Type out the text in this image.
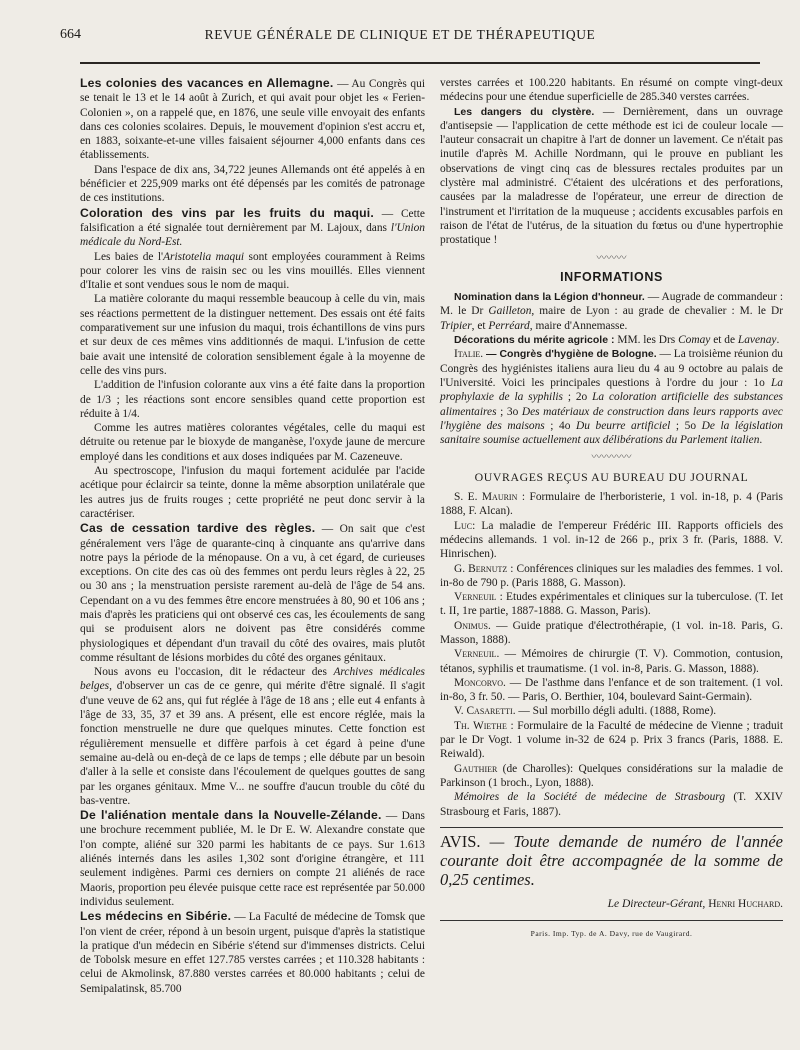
664	REVUE GÉNÉRALE DE CLINIQUE ET DE THÉRAPEUTIQUE

Les colonies des vacances en Allemagne. — Au Congrès qui se tenait le 13 et le 14 août à Zurich, et qui avait pour objet les « Ferien-Colonien », on a rappelé que, en 1876, une seule ville envoyait des enfants dans ces colonies scolaires. Depuis, le mouvement d'opinion s'est accru et, en 1883, soixante-et-une villes faisaient séjourner 4,000 enfants dans ces établissements.

Dans l'espace de dix ans, 34,722 jeunes Allemands ont été appelés à en bénéficier et 225,909 marks ont été dépensés par les comités de patronage de ces institutions.

Coloration des vins par les fruits du maqui. — Cette falsification a été signalée tout dernièrement par M. Lajoux, dans l'Union médicale du Nord-Est.

Les baies de l'Aristotelia maqui sont employées couramment à Reims pour colorer les vins de raisin sec ou les vins mouillés. Elles viennent d'Italie et sont vendues sous le nom de maqui.

La matière colorante du maqui ressemble beaucoup à celle du vin, mais ses réactions permettent de la distinguer nettement. Des essais ont été faits comparativement sur une infusion du maqui, trois échantillons de vins purs et sur deux de ces mêmes vins additionnés de maqui. L'infusion de cette baie avait une intensité de coloration sensiblement égale à la moyenne de celle des vins purs.

L'addition de l'infusion colorante aux vins a été faite dans la proportion de 1/3 ; les réactions sont encore sensibles quand cette proportion est réduite à 1/4.

Comme les autres matières colorantes végétales, celle du maqui est détruite ou retenue par le bioxyde de manganèse, l'oxyde jaune de mercure employé dans les conditions et aux doses indiquées par M. Cazeneuve.

Au spectroscope, l'infusion du maqui fortement acidulée par l'acide acétique pour éclaircir sa teinte, donne la même absorption unilatérale que les autres jus de fruits rouges ; cette propriété ne peut donc servir à la caractériser.

Cas de cessation tardive des règles. — On sait que c'est généralement vers l'âge de quarante-cinq à cinquante ans qu'arrive dans notre pays la période de la ménopause. On a vu, à cet égard, de curieuses exceptions. On cite des cas où des femmes ont perdu leurs règles à 22, 25 ou 30 ans ; la menstruation persiste rarement au-delà de l'âge de 54 ans. Cependant on a vu des femmes être encore menstruées à 80, 90 et 106 ans ; mais d'après les praticiens qui ont observé ces cas, les écoulements de sang qui se produisent alors ne doivent pas être considérés comme physiologiques et dépendant d'un travail du côté des ovaires, mais plutôt comme résultant de lésions morbides du côté des organes génitaux.

Nous avons eu l'occasion, dit le rédacteur des Archives médicales belges, d'observer un cas de ce genre, qui mérite d'être signalé. Il s'agit d'une veuve de 62 ans, qui fut réglée à l'âge de 18 ans ; elle eut 4 enfants à l'âge de 33, 35, 37 et 39 ans. A présent, elle est encore réglée, mais la fonction menstruelle ne dure que quelques minutes. Cette fonction est régulièrement mensuelle et diffère parfois à cet égard à peine d'une semaine au-delà ou en-deçà de ce laps de temps ; elle débute par un besoin d'aller à la selle et consiste dans l'écoulement de quelques gouttes de sang par les organes génitaux. Mme V... ne souffre d'aucun trouble du côté du bas-ventre.

De l'aliénation mentale dans la Nouvelle-Zélande. — Dans une brochure recemment publiée, M. le Dr E. W. Alexandre constate que l'on compte, aliéné sur 320 parmi les habitants de ce pays. Sur 1.613 aliénés internés dans les asiles 1,302 sont d'origine étrangère, et 111 seulement indigènes. Parmi ces derniers on compte 21 aliénés de race Maoris, proportion peu élevée puisque cette race est représentée par 50.000 individus seulement.

Les médecins en Sibérie. — La Faculté de médecine de Tomsk que l'on vient de créer, répond à un besoin urgent, puisque d'après la statistique la pratique d'un médecin en Sibérie s'étend sur d'immenses districts. Celui de Tobolsk mesure en effet 127.785 verstes carrées ; et 110.328 habitants : celui de Akmolinsk, 87.880 verstes carrées et 80.000 habitants ; celui de Semipalatinsk, 85.700

verstes carrées et 100.220 habitants. En résumé on compte vingt-deux médecins pour une étendue superficielle de 285.340 verstes carrées.

Les dangers du clystère. — Dernièrement, dans un ouvrage d'antisepsie — l'application de cette méthode est ici de couleur locale — l'auteur consacrait un chapitre à l'art de donner un lavement. Ce n'était pas inutile d'après M. Achille Nordmann, qui le prouve en publiant les observations de vingt cinq cas de blessures rectales produites par un clystère mal administré. C'étaient des ulcérations et des perforations, causées par la maladresse de l'opérateur, une erreur de direction de l'instrument et l'irritation de la muqueuse ; accidents excusables parfois en raison de l'état de l'utérus, de la situation du fœtus ou d'une hypertrophie prostatique !

〰〰〰
INFORMATIONS

Nomination dans la Légion d'honneur. — Augrade de commandeur : M. le Dr Gailleton, maire de Lyon : au grade de chevalier : M. le Dr Tripier, et Perréard, maire d'Annemasse.

Décorations du mérite agricole : MM. les Drs Comay et de Lavenay.

Italie. — Congrès d'hygiène de Bologne. — La troisième réunion du Congrès des hygiénistes italiens aura lieu du 4 au 9 octobre au palais de l'Université. Voici les principales questions à l'ordre du jour : 1o La prophylaxie de la syphilis ; 2o La coloration artificielle des substances alimentaires ; 3o Des matériaux de construction dans leurs rapports avec l'hygiène des maisons ; 4o Du beurre artificiel ; 5o De la législation sanitaire soumise actuellement aux délibérations du Parlement italien.

〰〰〰〰
OUVRAGES REÇUS AU BUREAU DU JOURNAL

S. E. Maurin : Formulaire de l'herboristerie, 1 vol. in-18, p. 4 (Paris 1888, F. Alcan).

Luc: La maladie de l'empereur Frédéric III. Rapports officiels des médecins allemands. 1 vol. in-12 de 266 p., prix 3 fr. (Paris, 1888. V. Hinrischen).

G. Bernutz : Conférences cliniques sur les maladies des femmes. 1 vol. in-8o de 790 p. (Paris 1888, G. Masson).

Verneuil : Etudes expérimentales et cliniques sur la tuberculose. (T. Iet t. II, 1re partie, 1887-1888. G. Masson, Paris).

Onimus. — Guide pratique d'électrothérapie, (1 vol. in-18. Paris, G. Masson, 1888).

Verneuil. — Mémoires de chirurgie (T. V). Commotion, contusion, tétanos, syphilis et traumatisme. (1 vol. in-8, Paris. G. Masson, 1888).

Moncorvo. — De l'asthme dans l'enfance et de son traitement. (1 vol. in-8o, 3 fr. 50. — Paris, O. Berthier, 104, boulevard Saint-Germain).

V. Casaretti. — Sul morbillo dégli adulti. (1888, Rome).

Th. Wiethe : Formulaire de la Faculté de médecine de Vienne ; traduit par le Dr Vogt. 1 volume in-32 de 624 p. Prix 3 francs (Paris, 1888. E. Reiwald).

Gauthier (de Charolles): Quelques considérations sur la maladie de Parkinson (1 broch., Lyon, 1888).

Mémoires de la Société de médecine de Strasbourg (T. XXIV Strasbourg et Faris, 1887).

AVIS. — Toute demande de numéro de l'année courante doit être accompagnée de la somme de 0,25 centimes.
Le Directeur-Gérant, Henri Huchard.
Paris. Imp. Typ. de A. Davy, rue de Vaugirard.
